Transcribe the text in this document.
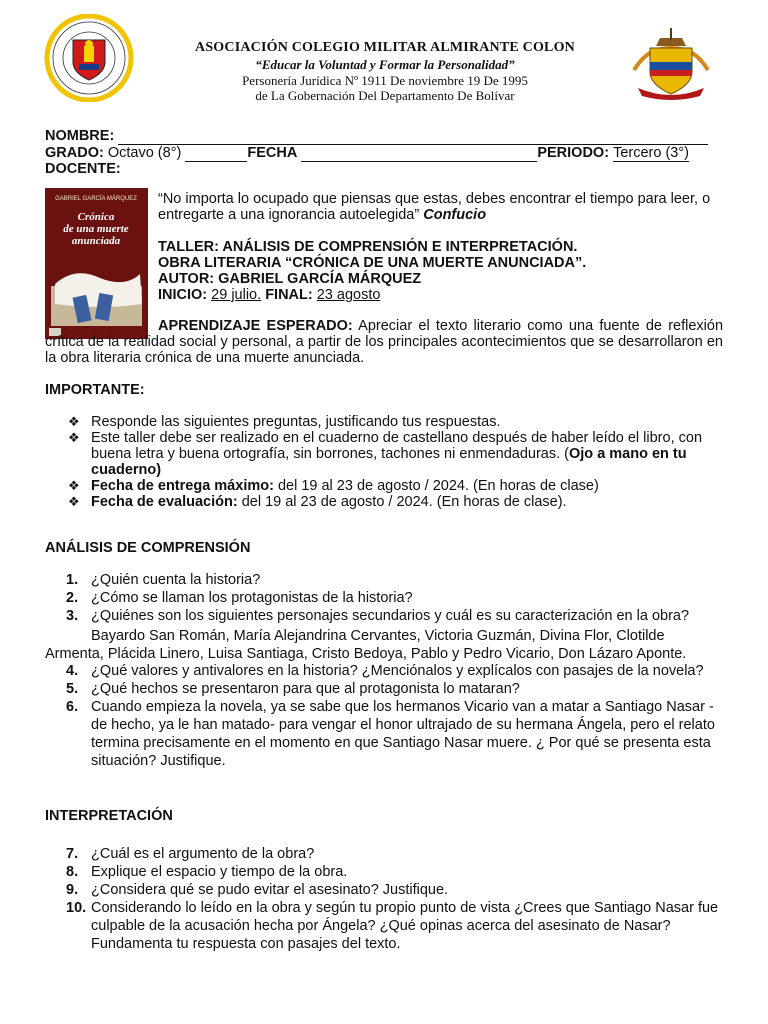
ASOCIACIÓN COLEGIO MILITAR ALMIRANTE COLON
“Educar la Voluntad y Formar la Personalidad”
Personería Jurídica Nº 1911 De noviembre 19 De 1995
de La Gobernación Del Departamento De Bolívar
NOMBRE:
GRADO: Octavo (8°)	FECHA	PERIODO: Tercero (3°)
DOCENTE:
GABRIEL GARCÍA MÁRQUEZ
Crónica
de una muerte
anunciada
“No importa lo ocupado que piensas que estas, debes encontrar el tiempo para leer, o entregarte a una ignorancia autoelegida” Confucio
TALLER: ANÁLISIS DE COMPRENSIÓN E INTERPRETACIÓN.
OBRA LITERARIA “CRÓNICA DE UNA MUERTE ANUNCIADA”.
AUTOR: GABRIEL GARCÍA MÁRQUEZ
INICIO: 29 julio. FINAL: 23 agosto
APRENDIZAJE ESPERADO: Apreciar el texto literario como una fuente de reflexión crítica de la realidad social y personal, a partir de los principales acontecimientos que se desarrollaron en la obra literaria crónica de una muerte anunciada.
IMPORTANTE:
❖ Responde las siguientes preguntas, justificando tus respuestas.
❖ Este taller debe ser realizado en el cuaderno de castellano después de haber leído el libro, con buena letra y buena ortografía, sin borrones, tachones ni enmendaduras. (Ojo a mano en tu cuaderno)
❖ Fecha de entrega máximo: del 19 al 23 de agosto / 2024. (En horas de clase)
❖ Fecha de evaluación: del 19 al 23 de agosto / 2024. (En horas de clase).
ANÁLISIS DE COMPRENSIÓN
1. ¿Quién cuenta la historia?
2. ¿Cómo se llaman los protagonistas de la historia?
3. ¿Quiénes son los siguientes personajes secundarios y cuál es su caracterización en la obra?
Bayardo San Román, María Alejandrina Cervantes, Victoria Guzmán, Divina Flor, Clotilde Armenta, Plácida Linero, Luisa Santiaga, Cristo Bedoya, Pablo y Pedro Vicario, Don Lázaro Aponte.
4. ¿Qué valores y antivalores en la historia? ¿Menciónalos y explícalos con pasajes de la novela?
5. ¿Qué hechos se presentaron para que al protagonista lo mataran?
6. Cuando empieza la novela, ya se sabe que los hermanos Vicario van a matar a Santiago Nasar -de hecho, ya le han matado- para vengar el honor ultrajado de su hermana Ángela, pero el relato termina precisamente en el momento en que Santiago Nasar muere. ¿ Por qué se presenta esta situación? Justifique.
INTERPRETACIÓN
7. ¿Cuál es el argumento de la obra?
8. Explique el espacio y tiempo de la obra.
9. ¿Considera qué se pudo evitar el asesinato? Justifique.
10. Considerando lo leído en la obra y según tu propio punto de vista ¿Crees que Santiago Nasar fue culpable de la acusación hecha por Ángela? ¿Qué opinas acerca del asesinato de Nasar? Fundamenta tu respuesta con pasajes del texto.
